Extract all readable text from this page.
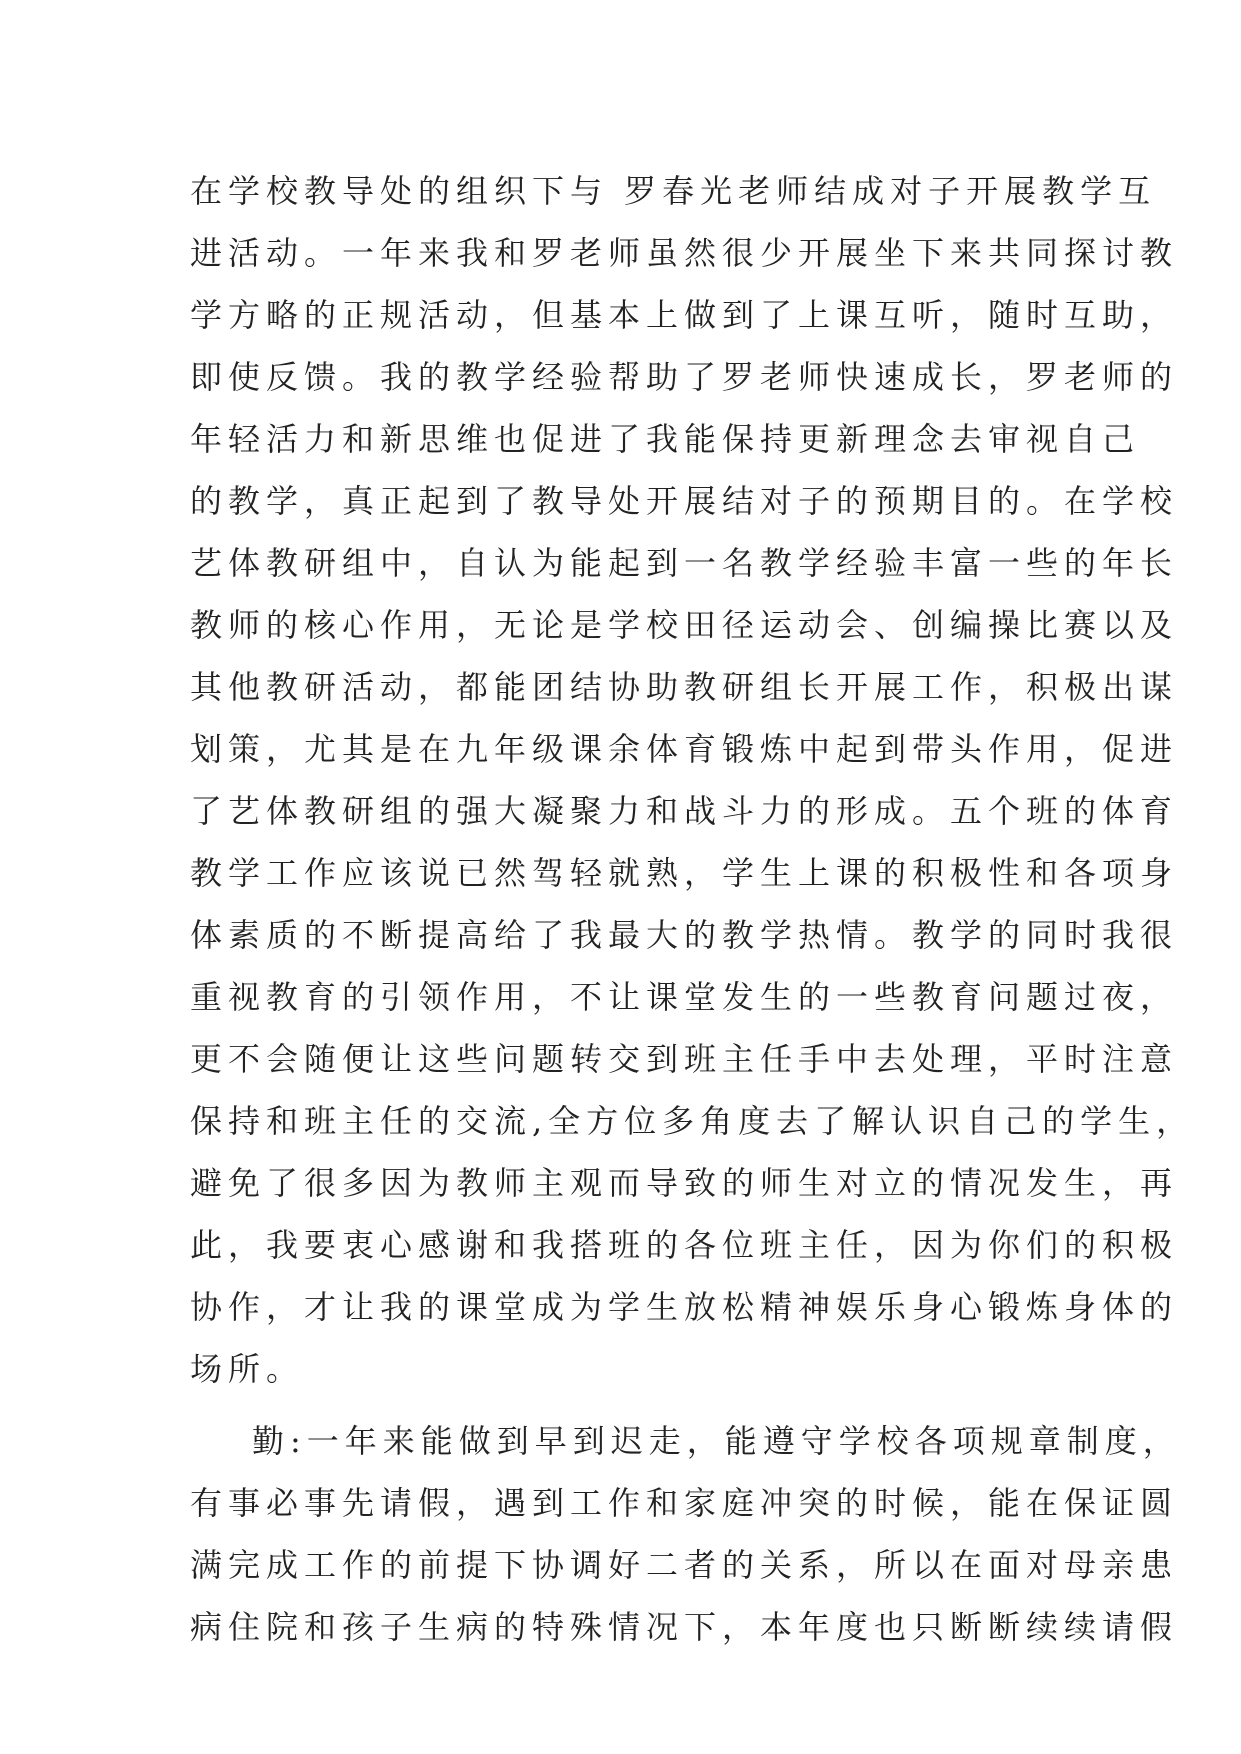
在学校教导处的组织下与 罗春光老师结成对子开展教学互
进活动。一年来我和罗老师虽然很少开展坐下来共同探讨教
学方略的正规活动，但基本上做到了上课互听，随时互助，
即使反馈。我的教学经验帮助了罗老师快速成长，罗老师的
年轻活力和新思维也促进了我能保持更新理念去审视自己
的教学，真正起到了教导处开展结对子的预期目的。在学校
艺体教研组中，自认为能起到一名教学经验丰富一些的年长
教师的核心作用，无论是学校田径运动会、创编操比赛以及
其他教研活动，都能团结协助教研组长开展工作，积极出谋
划策，尤其是在九年级课余体育锻炼中起到带头作用，促进
了艺体教研组的强大凝聚力和战斗力的形成。五个班的体育
教学工作应该说已然驾轻就熟，学生上课的积极性和各项身
体素质的不断提高给了我最大的教学热情。教学的同时我很
重视教育的引领作用，不让课堂发生的一些教育问题过夜，
更不会随便让这些问题转交到班主任手中去处理，平时注意
保持和班主任的交流,全方位多角度去了解认识自己的学生，
避免了很多因为教师主观而导致的师生对立的情况发生，再
此，我要衷心感谢和我搭班的各位班主任，因为你们的积极
协作，才让我的课堂成为学生放松精神娱乐身心锻炼身体的
场所。
勤:一年来能做到早到迟走，能遵守学校各项规章制度，
有事必事先请假，遇到工作和家庭冲突的时候，能在保证圆
满完成工作的前提下协调好二者的关系，所以在面对母亲患
病住院和孩子生病的特殊情况下，本年度也只断断续续请假
